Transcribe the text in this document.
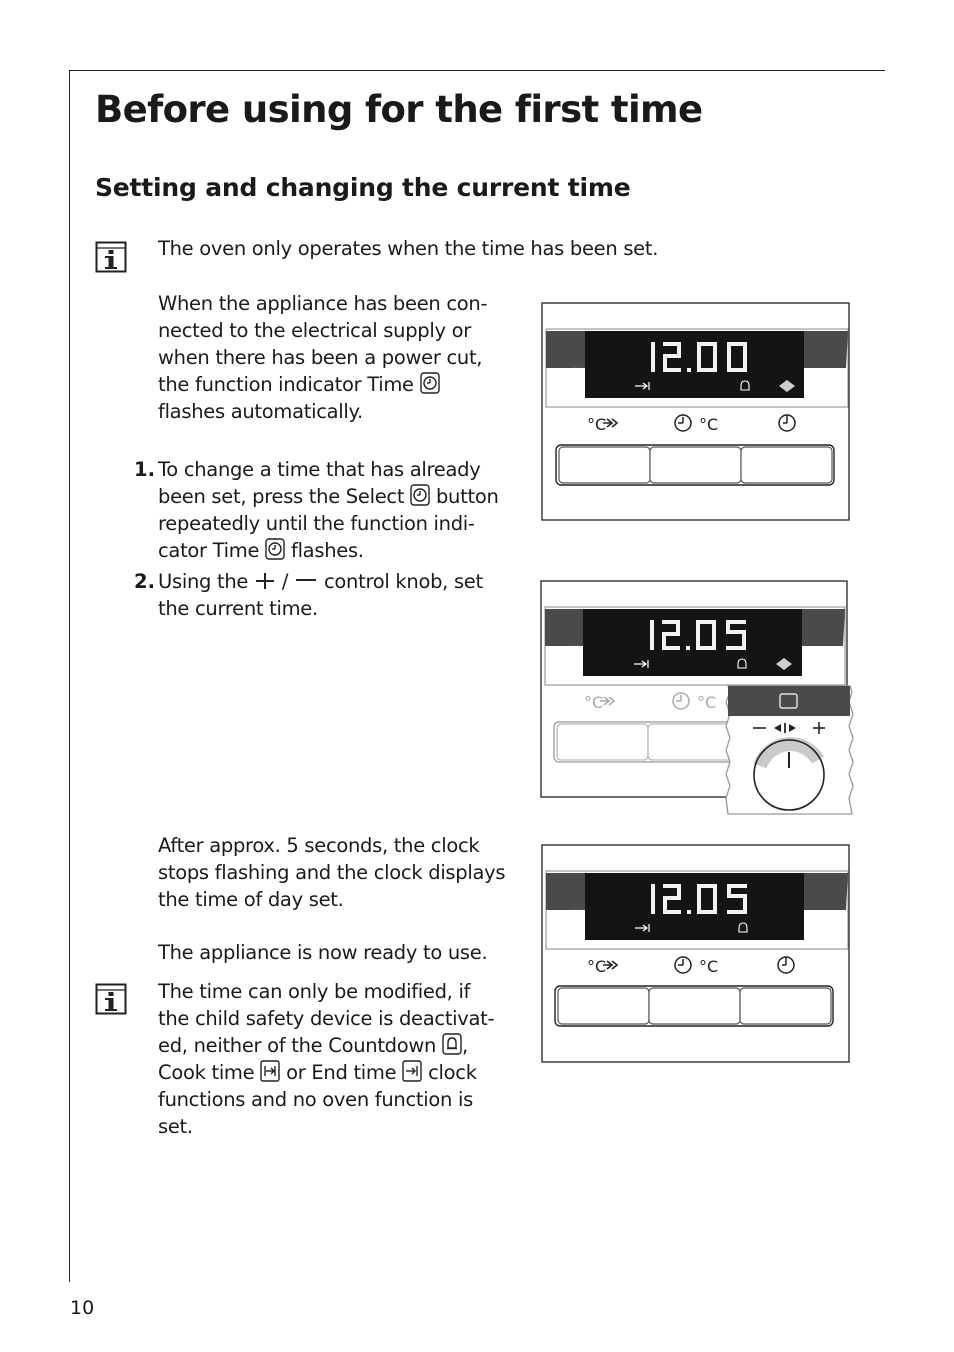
Before using for the first time
Setting and changing the current time

The oven only operates when the time has been set.

When the appliance has been con-
nected to the electrical supply or
when there has been a power cut,
the function indicator Time
flashes automatically.
1. To change a time that has already
been set, press the Select button
repeatedly until the function indi-
cator Time flashes.
2. Using the / control knob, set
the current time.
After approx. 5 seconds, the clock
stops flashing and the clock displays
the time of day set.

The appliance is now ready to use.

The time can only be modified, if
the child safety device is deactivat-
ed, neither of the Countdown ,
Cook time or End time clock
functions and no oven function is
set.
°C	°C
°C	°C
°C	°C
°C	°C
°C	°C
°C	°C
10
